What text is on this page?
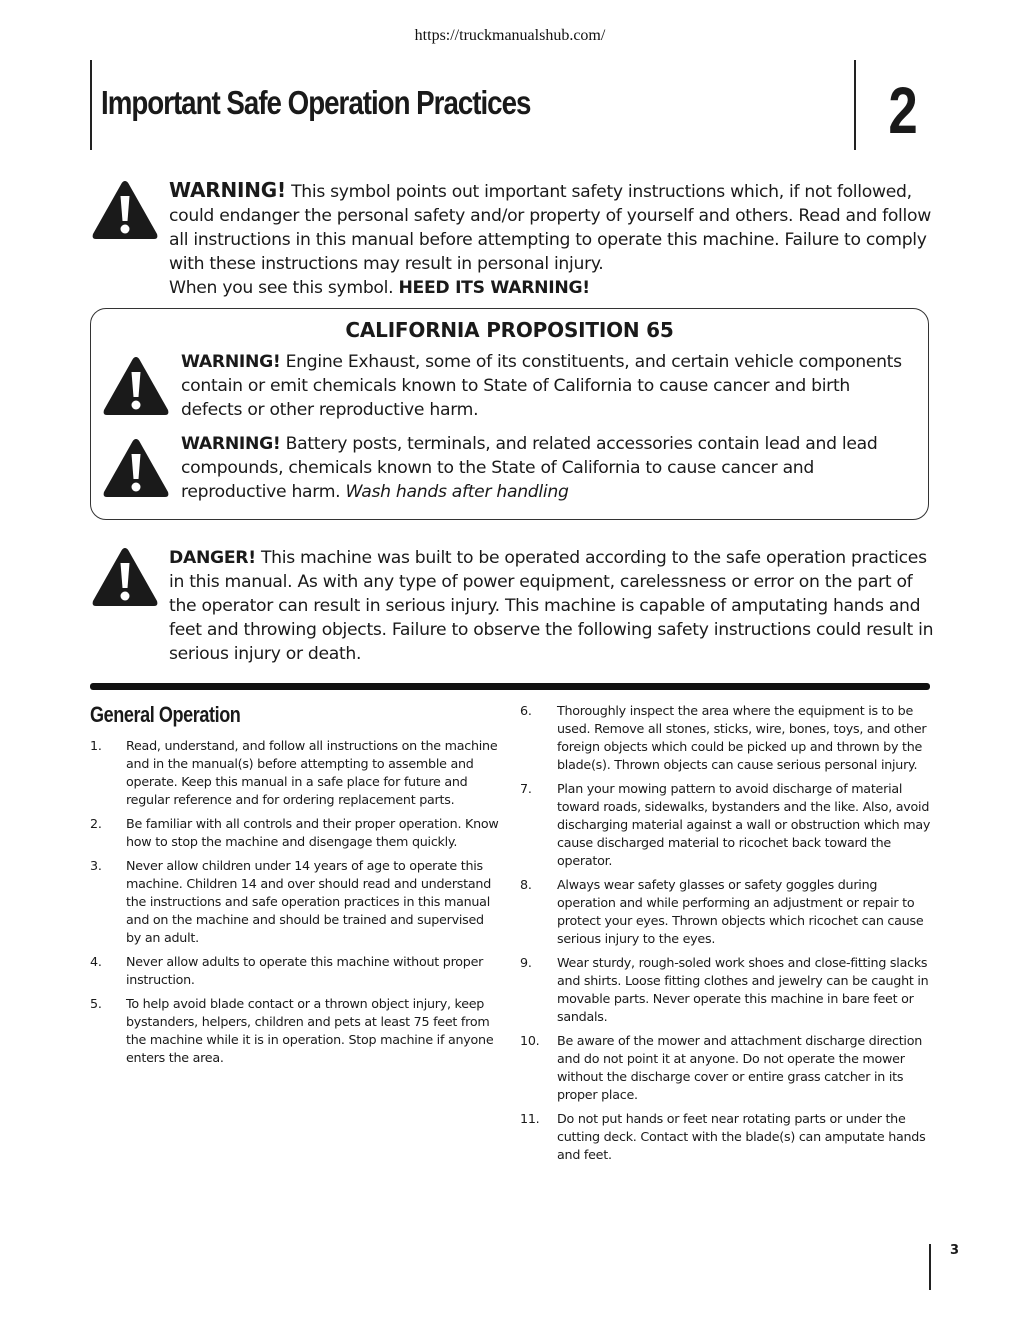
https://truckmanualshub.com/
Important Safe Operation Practices	2
WARNING! This symbol points out important safety instructions which, if not followed, could endanger the personal safety and/or property of yourself and others. Read and follow all instructions in this manual before attempting to operate this machine. Failure to comply with these instructions may result in personal injury.
When you see this symbol. HEED ITS WARNING!
CALIFORNIA PROPOSITION 65
WARNING! Engine Exhaust, some of its constituents, and certain vehicle components contain or emit chemicals known to State of California to cause cancer and birth defects or other reproductive harm.
WARNING! Battery posts, terminals, and related accessories contain lead and lead compounds, chemicals known to the State of California to cause cancer and reproductive harm. Wash hands after handling
DANGER! This machine was built to be operated according to the safe operation practices in this manual. As with any type of power equipment, carelessness or error on the part of the operator can result in serious injury. This machine is capable of amputating hands and feet and throwing objects. Failure to observe the following safety instructions could result in serious injury or death.
General Operation
1. Read, understand, and follow all instructions on the machine and in the manual(s) before attempting to assemble and operate. Keep this manual in a safe place for future and regular reference and for ordering replacement parts.
2. Be familiar with all controls and their proper operation. Know how to stop the machine and disengage them quickly.
3. Never allow children under 14 years of age to operate this machine. Children 14 and over should read and understand the instructions and safe operation practices in this manual and on the machine and should be trained and supervised by an adult.
4. Never allow adults to operate this machine without proper instruction.
5. To help avoid blade contact or a thrown object injury, keep bystanders, helpers, children and pets at least 75 feet from the machine while it is in operation. Stop machine if anyone enters the area.
6. Thoroughly inspect the area where the equipment is to be used. Remove all stones, sticks, wire, bones, toys, and other foreign objects which could be picked up and thrown by the blade(s). Thrown objects can cause serious personal injury.
7. Plan your mowing pattern to avoid discharge of material toward roads, sidewalks, bystanders and the like. Also, avoid discharging material against a wall or obstruction which may cause discharged material to ricochet back toward the operator.
8. Always wear safety glasses or safety goggles during operation and while performing an adjustment or repair to protect your eyes. Thrown objects which ricochet can cause serious injury to the eyes.
9. Wear sturdy, rough-soled work shoes and close-fitting slacks and shirts. Loose fitting clothes and jewelry can be caught in movable parts. Never operate this machine in bare feet or sandals.
10. Be aware of the mower and attachment discharge direction and do not point it at anyone. Do not operate the mower without the discharge cover or entire grass catcher in its proper place.
11. Do not put hands or feet near rotating parts or under the cutting deck. Contact with the blade(s) can amputate hands and feet.
3
